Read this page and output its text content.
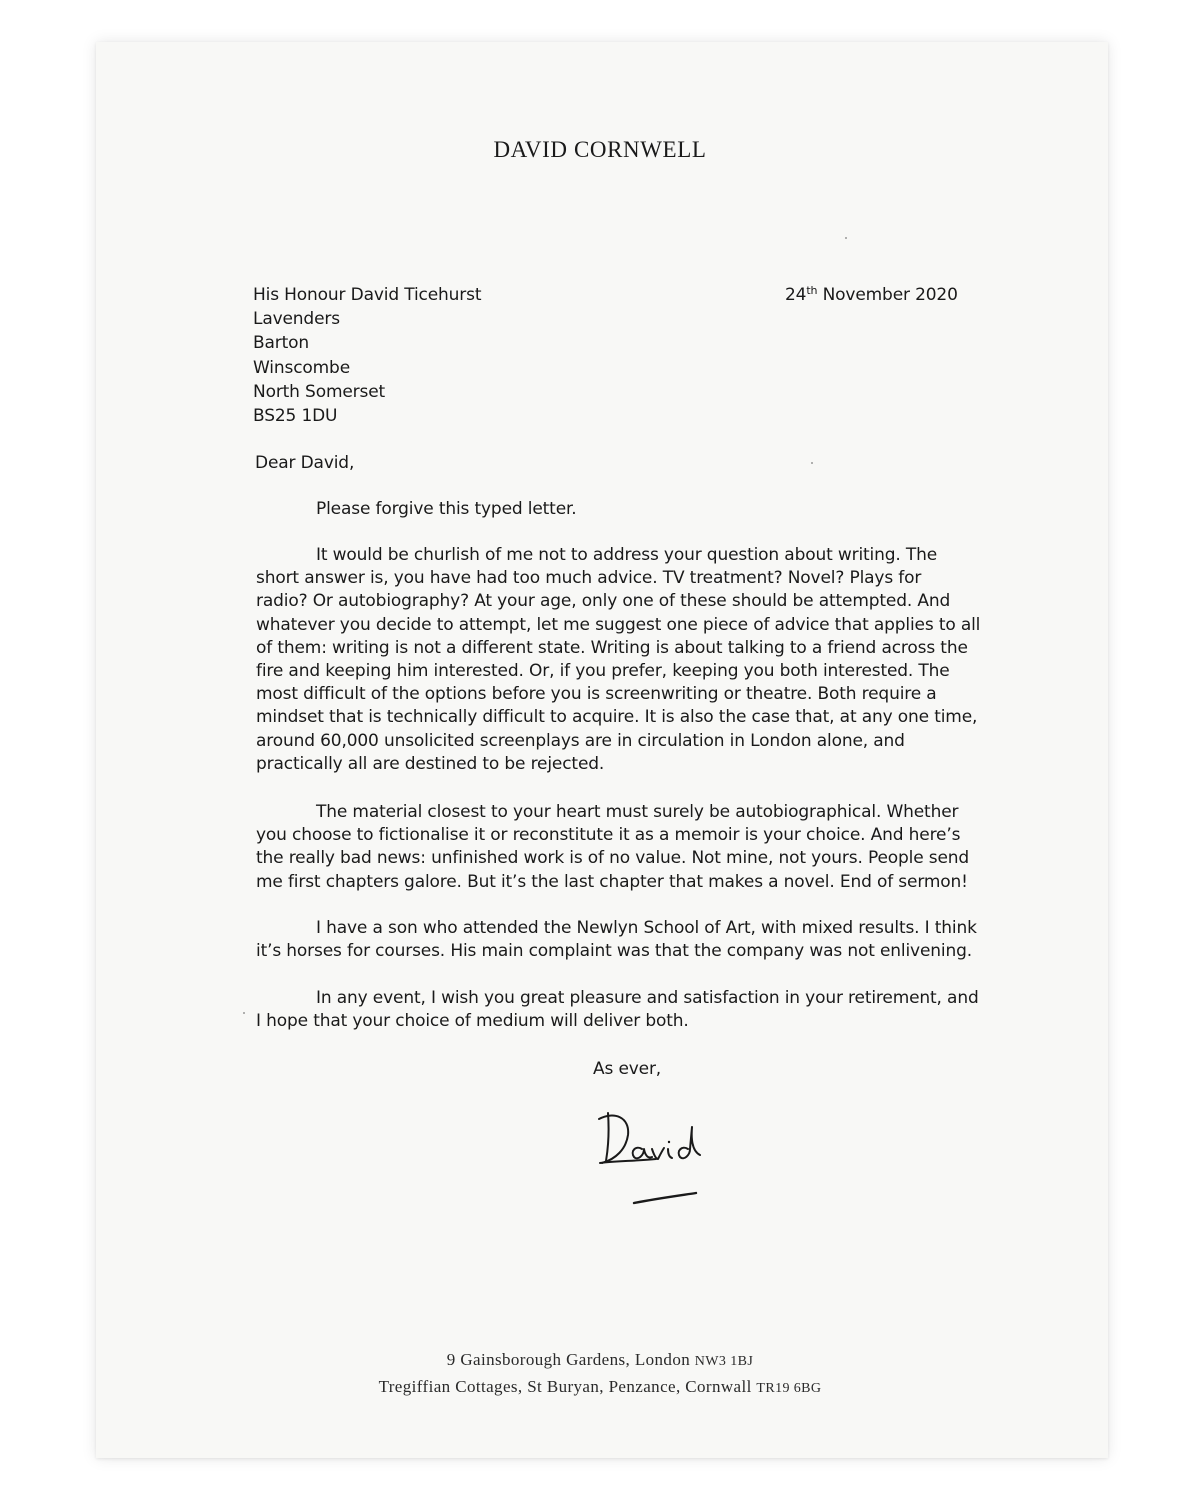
DAVID CORNWELL
His Honour David Ticehurst
Lavenders
Barton
Winscombe
North Somerset
BS25 1DU
24th November 2020
Dear David,
Please forgive this typed letter.
It would be churlish of me not to address your question about writing. The
short answer is, you have had too much advice. TV treatment? Novel? Plays for
radio? Or autobiography? At your age, only one of these should be attempted. And
whatever you decide to attempt, let me suggest one piece of advice that applies to all
of them: writing is not a different state. Writing is about talking to a friend across the
fire and keeping him interested. Or, if you prefer, keeping you both interested. The
most difficult of the options before you is screenwriting or theatre. Both require a
mindset that is technically difficult to acquire. It is also the case that, at any one time,
around 60,000 unsolicited screenplays are in circulation in London alone, and
practically all are destined to be rejected.
The material closest to your heart must surely be autobiographical. Whether
you choose to fictionalise it or reconstitute it as a memoir is your choice. And here’s
the really bad news: unfinished work is of no value. Not mine, not yours. People send
me first chapters galore. But it’s the last chapter that makes a novel. End of sermon!
I have a son who attended the Newlyn School of Art, with mixed results. I think
it’s horses for courses. His main complaint was that the company was not enlivening.
In any event, I wish you great pleasure and satisfaction in your retirement, and
I hope that your choice of medium will deliver both.
As ever,
9 Gainsborough Gardens, London NW3 1BJ
Tregiffian Cottages, St Buryan, Penzance, Cornwall TR19 6BG
